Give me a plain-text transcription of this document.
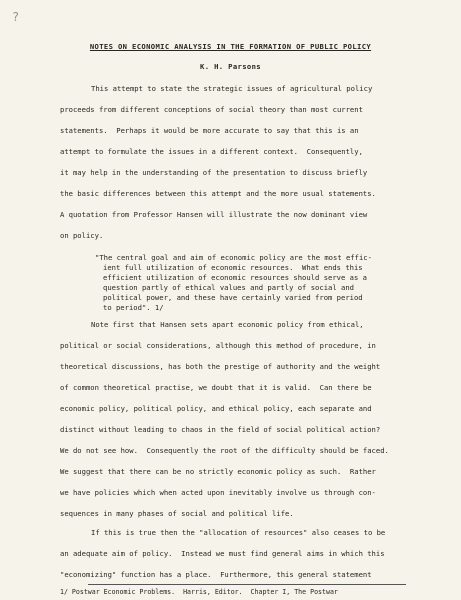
?

NOTES ON ECONOMIC ANALYSIS IN THE FORMATION OF PUBLIC POLICY

K. H. Parsons

This attempt to state the strategic issues of agricultural policy

proceeds from different conceptions of social theory than most current

statements.  Perhaps it would be more accurate to say that this is an

attempt to formulate the issues in a different context.  Consequently,

it may help in the understanding of the presentation to discuss briefly

the basic differences between this attempt and the more usual statements.

A quotation from Professor Hansen will illustrate the now dominant view

on policy.

"The central goal and aim of economic policy are the most effic-

ient full utilization of economic resources.  What ends this

efficient utilization of economic resources should serve as a

question partly of ethical values and partly of social and

political power, and these have certainly varied from period

to period". 1/

Note first that Hansen sets apart economic policy from ethical,

political or social considerations, although this method of procedure, in

theoretical discussions, has both the prestige of authority and the weight

of common theoretical practise, we doubt that it is valid.  Can there be

economic policy, political policy, and ethical policy, each separate and

distinct without leading to chaos in the field of social political action?

We do not see how.  Consequently the root of the difficulty should be faced.

We suggest that there can be no strictly economic policy as such.  Rather

we have policies which when acted upon inevitably involve us through con-

sequences in many phases of social and political life.

If this is true then the "allocation of resources" also ceases to be

an adequate aim of policy.  Instead we must find general aims in which this

"economizing" function has a place.  Furthermore, this general statement

1/ Postwar Economic Problems.  Harris, Editor.  Chapter I, The Postwar
